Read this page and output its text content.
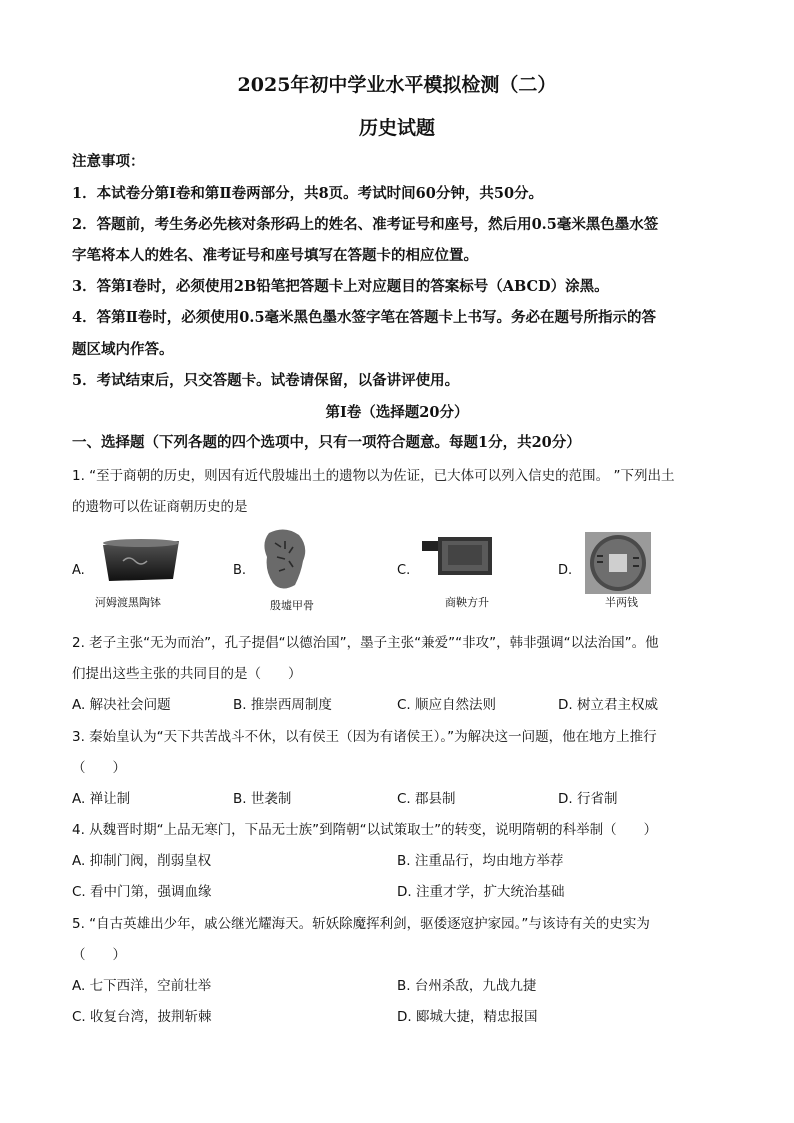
2025年初中学业水平模拟检测（二）
历史试题
注意事项：
1．本试卷分第Ⅰ卷和第Ⅱ卷两部分，共8页。考试时间60分钟，共50分。
2．答题前，考生务必先核对条形码上的姓名、准考证号和座号，然后用0.5毫米黑色墨水签
字笔将本人的姓名、准考证号和座号填写在答题卡的相应位置。
3．答第Ⅰ卷时，必须使用2B铅笔把答题卡上对应题目的答案标号（ABCD）涂黑。
4．答第Ⅱ卷时，必须使用0.5毫米黑色墨水签字笔在答题卡上书写。务必在题号所指示的答
题区域内作答。
5．考试结束后，只交答题卡。试卷请保留，以备讲评使用。
第Ⅰ卷（选择题20分）
一、选择题（下列各题的四个选项中，只有一项符合题意。每题1分，共20分）
1. “至于商朝的历史，则因有近代殷墟出土的遗物以为佐证，已大体可以列入信史的范围。 ”下列出土
的遗物可以佐证商朝历史的是
A.
河姆渡黑陶钵
B.
殷墟甲骨
C.
商鞅方升
D.
半两钱
2. 老子主张“无为而治”，孔子提倡“以德治国”，墨子主张“兼爱”“非攻”，韩非强调“以法治国”。他
们提出这些主张的共同目的是（　　）
A. 解决社会问题	B. 推崇西周制度	C. 顺应自然法则	D. 树立君主权威
3. 秦始皇认为“天下共苦战斗不休，以有侯王（因为有诸侯王）。”为解决这一问题，他在地方上推行
（　　）
A. 禅让制	B. 世袭制	C. 郡县制	D. 行省制
4. 从魏晋时期“上品无寒门，下品无士族”到隋朝“以试策取士”的转变，说明隋朝的科举制（　　）
A. 抑制门阀，削弱皇权	B. 注重品行，均由地方举荐
C. 看中门第，强调血缘	D. 注重才学，扩大统治基础
5. “自古英雄出少年，戚公继光耀海天。斩妖除魔挥利剑，驱倭逐寇护家园。”与该诗有关的史实为
（　　）
A. 七下西洋，空前壮举	B. 台州杀敌，九战九捷
C. 收复台湾，披荆斩棘	D. 郾城大捷，精忠报国
